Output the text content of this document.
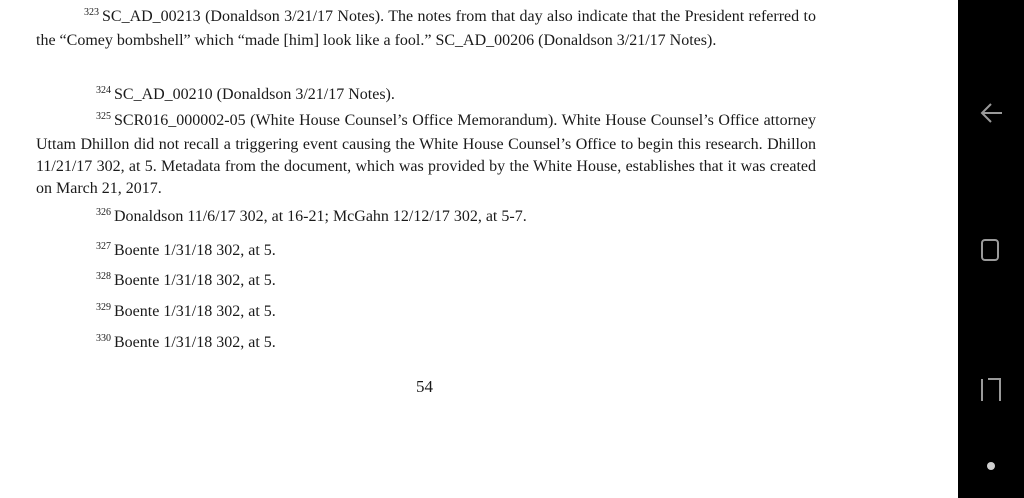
$^{323}$ SC_AD_00213 (Donaldson 3/21/17 Notes). The notes from that day also indicate that the President referred to the “Comey bombshell” which “made [him] look like a fool.” SC_AD_00206 (Donaldson 3/21/17 Notes).
$^{324}$ SC_AD_00210 (Donaldson 3/21/17 Notes).
$^{325}$ SCR016_000002-05 (White House Counsel’s Office Memorandum). White House Counsel’s Office attorney Uttam Dhillon did not recall a triggering event causing the White House Counsel’s Office to begin this research. Dhillon 11/21/17 302, at 5. Metadata from the document, which was provided by the White House, establishes that it was created on March 21, 2017.
$^{326}$ Donaldson 11/6/17 302, at 16-21; McGahn 12/12/17 302, at 5-7.
$^{327}$ Boente 1/31/18 302, at 5.
$^{328}$ Boente 1/31/18 302, at 5.
$^{329}$ Boente 1/31/18 302, at 5.
$^{330}$ Boente 1/31/18 302, at 5.
54
